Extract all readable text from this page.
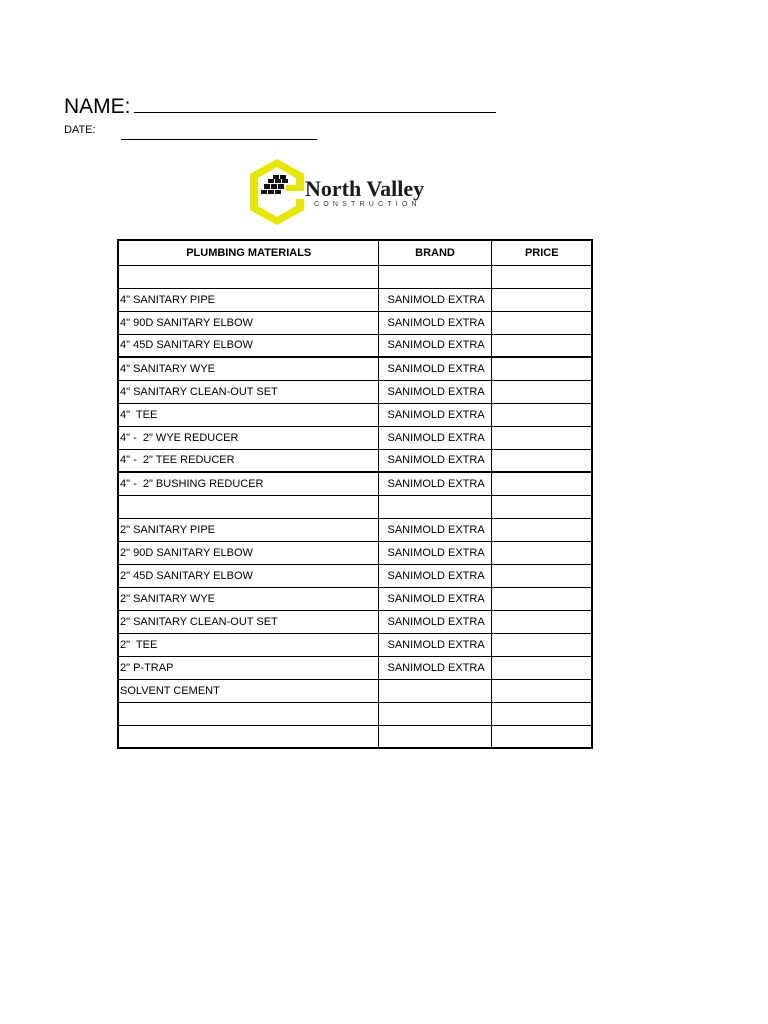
NAME:
DATE:
North Valley
CONSTRUCTION
PLUMBING MATERIALS	BRAND	PRICE

4" SANITARY PIPE	SANIMOLD EXTRA	
4" 90D SANITARY ELBOW	SANIMOLD EXTRA	
4" 45D SANITARY ELBOW	SANIMOLD EXTRA	
4" SANITARY WYE	SANIMOLD EXTRA	
4" SANITARY CLEAN-OUT SET	SANIMOLD EXTRA	
4"  TEE	SANIMOLD EXTRA	
4" -  2" WYE REDUCER	SANIMOLD EXTRA	
4" -  2" TEE REDUCER	SANIMOLD EXTRA	
4" -  2" BUSHING REDUCER	SANIMOLD EXTRA	

2" SANITARY PIPE	SANIMOLD EXTRA	
2" 90D SANITARY ELBOW	SANIMOLD EXTRA	
2" 45D SANITARY ELBOW	SANIMOLD EXTRA	
2" SANITARY WYE	SANIMOLD EXTRA	
2" SANITARY CLEAN-OUT SET	SANIMOLD EXTRA	
2"  TEE	SANIMOLD EXTRA	
2" P-TRAP	SANIMOLD EXTRA	
SOLVENT CEMENT		
